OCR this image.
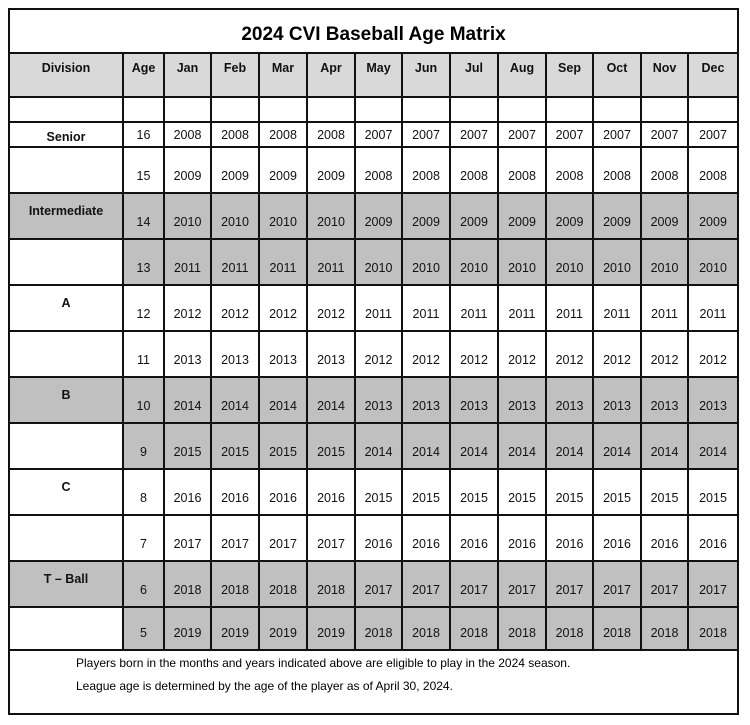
2024 CVI Baseball Age Matrix
Division	Age	Jan	Feb	Mar	Apr	May	Jun	Jul	Aug	Sep	Oct	Nov	Dec

Senior	16	2008	2008	2008	2008	2007	2007	2007	2007	2007	2007	2007	2007
	15	2009	2009	2009	2009	2008	2008	2008	2008	2008	2008	2008	2008
Intermediate	14	2010	2010	2010	2010	2009	2009	2009	2009	2009	2009	2009	2009
	13	2011	2011	2011	2011	2010	2010	2010	2010	2010	2010	2010	2010
A	12	2012	2012	2012	2012	2011	2011	2011	2011	2011	2011	2011	2011
	11	2013	2013	2013	2013	2012	2012	2012	2012	2012	2012	2012	2012
B	10	2014	2014	2014	2014	2013	2013	2013	2013	2013	2013	2013	2013
	9	2015	2015	2015	2015	2014	2014	2014	2014	2014	2014	2014	2014
C	8	2016	2016	2016	2016	2015	2015	2015	2015	2015	2015	2015	2015
	7	2017	2017	2017	2017	2016	2016	2016	2016	2016	2016	2016	2016
T – Ball	6	2018	2018	2018	2018	2017	2017	2017	2017	2017	2017	2017	2017
	5	2019	2019	2019	2019	2018	2018	2018	2018	2018	2018	2018	2018
Players born in the months and years indicated above are eligible to play in the 2024 season.
League age is determined by the age of the player as of April 30, 2024.
